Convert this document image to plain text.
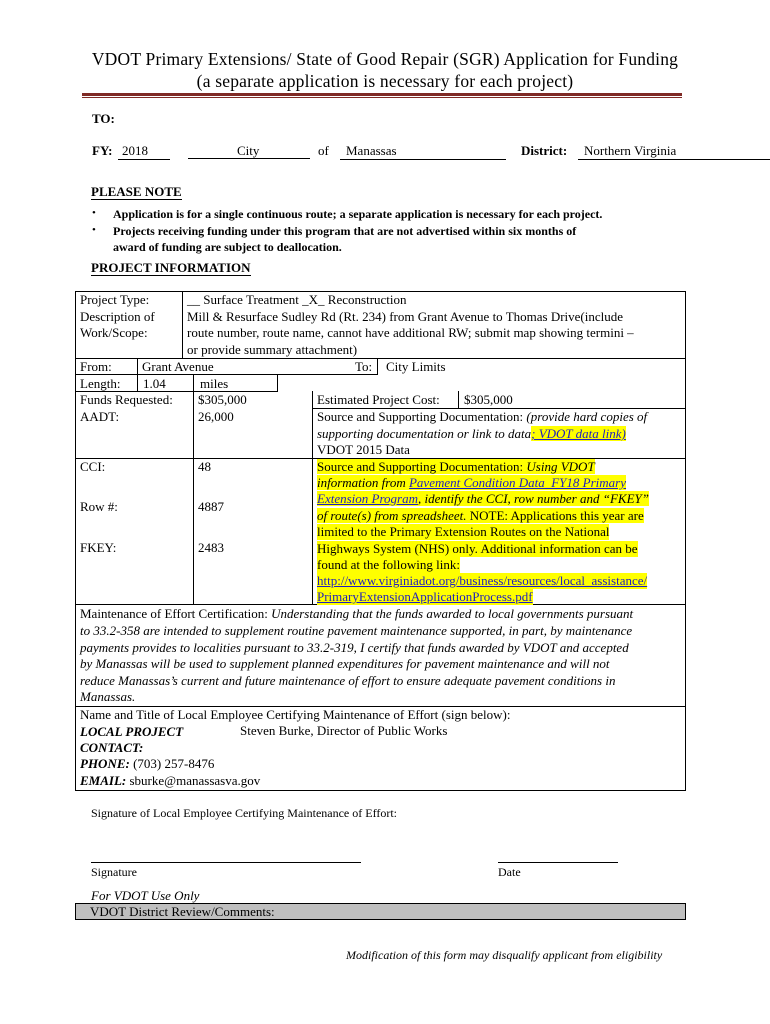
VDOT Primary Extensions/ State of Good Repair (SGR) Application for Funding
(a separate application is necessary for each project)
TO:
FY: 2018	City	of	Manassas	District:	Northern Virginia
PLEASE NOTE
• Application is for a single continuous route; a separate application is necessary for each project.
• Projects receiving funding under this program that are not advertised within six months of
award of funding are subject to deallocation.
PROJECT INFORMATION
Project Type:	__ Surface Treatment _X_ Reconstruction
Description of
Work/Scope:
Mill & Resurface Sudley Rd (Rt. 234) from Grant Avenue to Thomas Drive(include
route number, route name, cannot have additional RW; submit map showing termini –
or provide summary attachment)
From: Grant Avenue	To: City Limits
Length: 1.04	miles
Funds Requested: $305,000	Estimated Project Cost: $305,000
AADT:	26,000	Source and Supporting Documentation: (provide hard copies of
supporting documentation or link to data; VDOT data link)
VDOT 2015 Data
CCI:	48
Row #:	4887
FKEY:	2483
Source and Supporting Documentation: Using VDOT
information from Pavement Condition Data_FY18 Primary
Extension Program, identify the CCI, row number and “FKEY”
of route(s) from spreadsheet. NOTE: Applications this year are
limited to the Primary Extension Routes on the National
Highways System (NHS) only. Additional information can be
found at the following link:
http://www.virginiadot.org/business/resources/local_assistance/
PrimaryExtensionApplicationProcess.pdf
Maintenance of Effort Certification: Understanding that the funds awarded to local governments pursuant
to 33.2-358 are intended to supplement routine pavement maintenance supported, in part, by maintenance
payments provides to localities pursuant to 33.2-319, I certify that funds awarded by VDOT and accepted
by Manassas will be used to supplement planned expenditures for pavement maintenance and will not
reduce Manassas’s current and future maintenance of effort to ensure adequate pavement conditions in
Manassas.
Name and Title of Local Employee Certifying Maintenance of Effort (sign below):
LOCAL PROJECT
CONTACT:
Steven Burke, Director of Public Works
PHONE: (703) 257-8476
EMAIL: sburke@manassasva.gov
Signature of Local Employee Certifying Maintenance of Effort:
Signature	Date
For VDOT Use Only
VDOT District Review/Comments:
Modification of this form may disqualify applicant from eligibility
